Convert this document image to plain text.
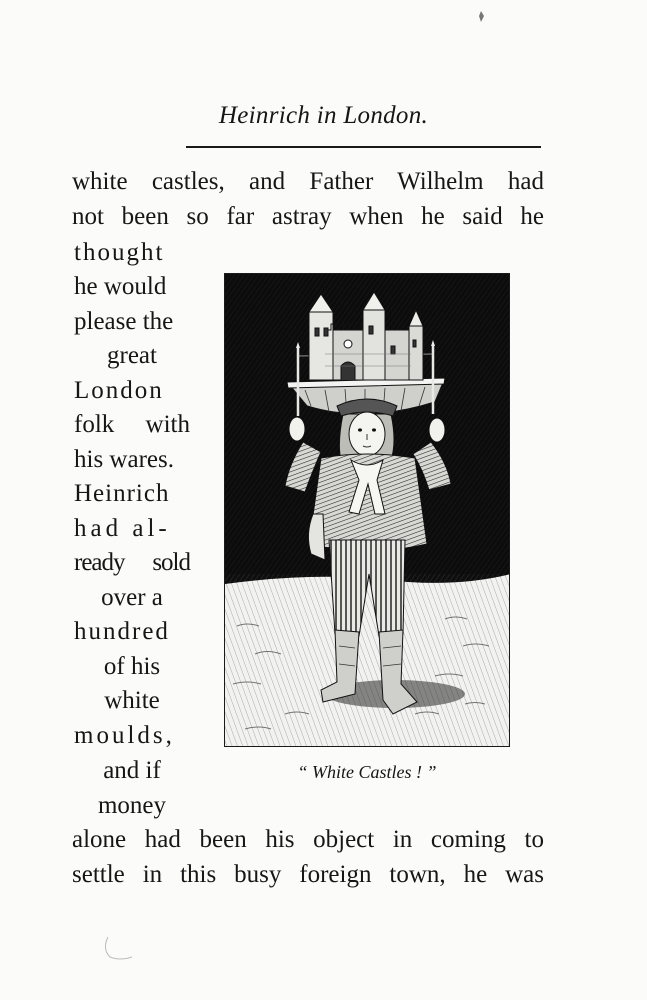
Heinrich in London.
white castles, and Father Wilhelm had
not been so far astray when he said he
thought
he would
please the
great
London
folk with
his wares.
Heinrich
had al-
ready sold
over a
hundred
of his
white
moulds,
and if
money
alone had been his object in coming to
settle in this busy foreign town, he was
“ White Castles ! ”
